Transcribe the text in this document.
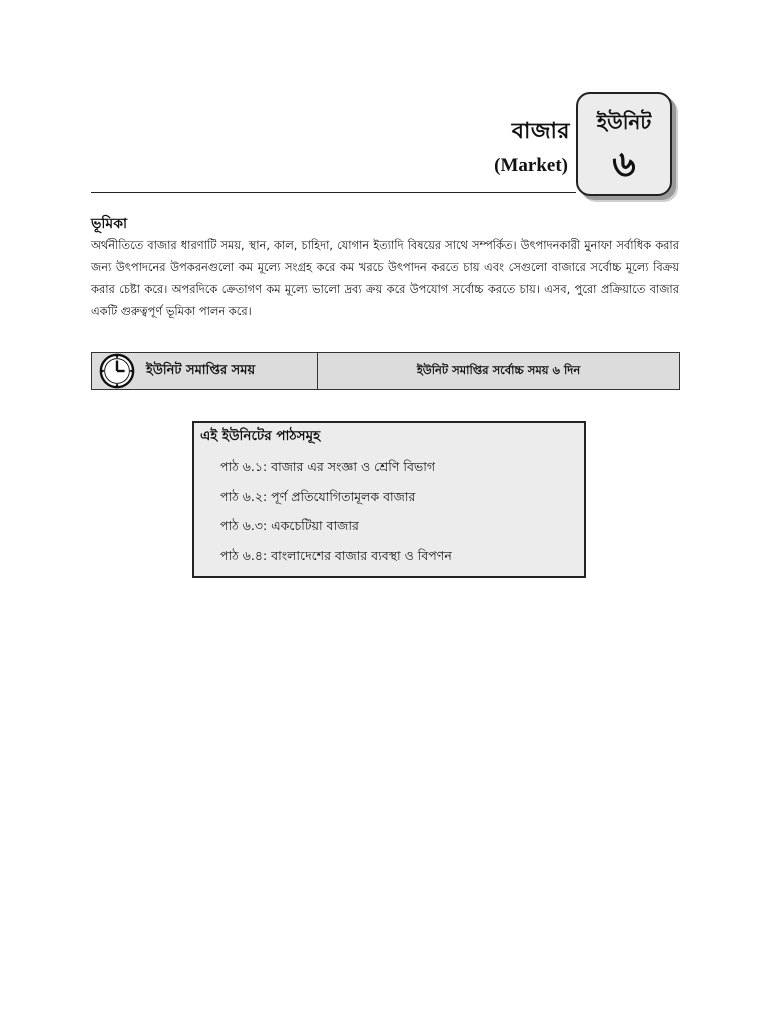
বাজার
(Market)
ইউনিট
৬
ভূমিকা

অর্থনীতিতে বাজার ধারণাটি সময়, স্থান, কাল, চাহিদা, যোগান ইত্যাদি বিষয়ের সাথে সম্পর্কিত। উৎপাদনকারী মুনাফা সর্বাধিক করার জন্য উৎপাদনের উপকরনগুলো কম মূল্যে সংগ্রহ করে কম খরচে উৎপাদন করতে চায় এবং সেগুলো বাজারে সর্বোচ্চ মূল্যে বিক্রয় করার চেষ্টা করে। অপরদিকে ক্রেতাগণ কম মূল্যে ভালো দ্রব্য ক্রয় করে উপযোগ সর্বোচ্চ করতে চায়। এসব, পুরো প্রক্রিয়াতে বাজার একটি গুরুত্বপূর্ণ ভূমিকা পালন করে।

ইউনিট সমাপ্তির সময়	ইউনিট সমাপ্তির সর্বোচ্চ সময় ৬ দিন
এই ইউনিটের পাঠসমূহ
পাঠ ৬.১: বাজার এর সংজ্ঞা ও শ্রেণি বিভাগ
পাঠ ৬.২: পূর্ণ প্রতিযোগিতামূলক বাজার
পাঠ ৬.৩: একচেটিয়া বাজার
পাঠ ৬.৪: বাংলাদেশের বাজার ব্যবস্থা ও বিপণন
